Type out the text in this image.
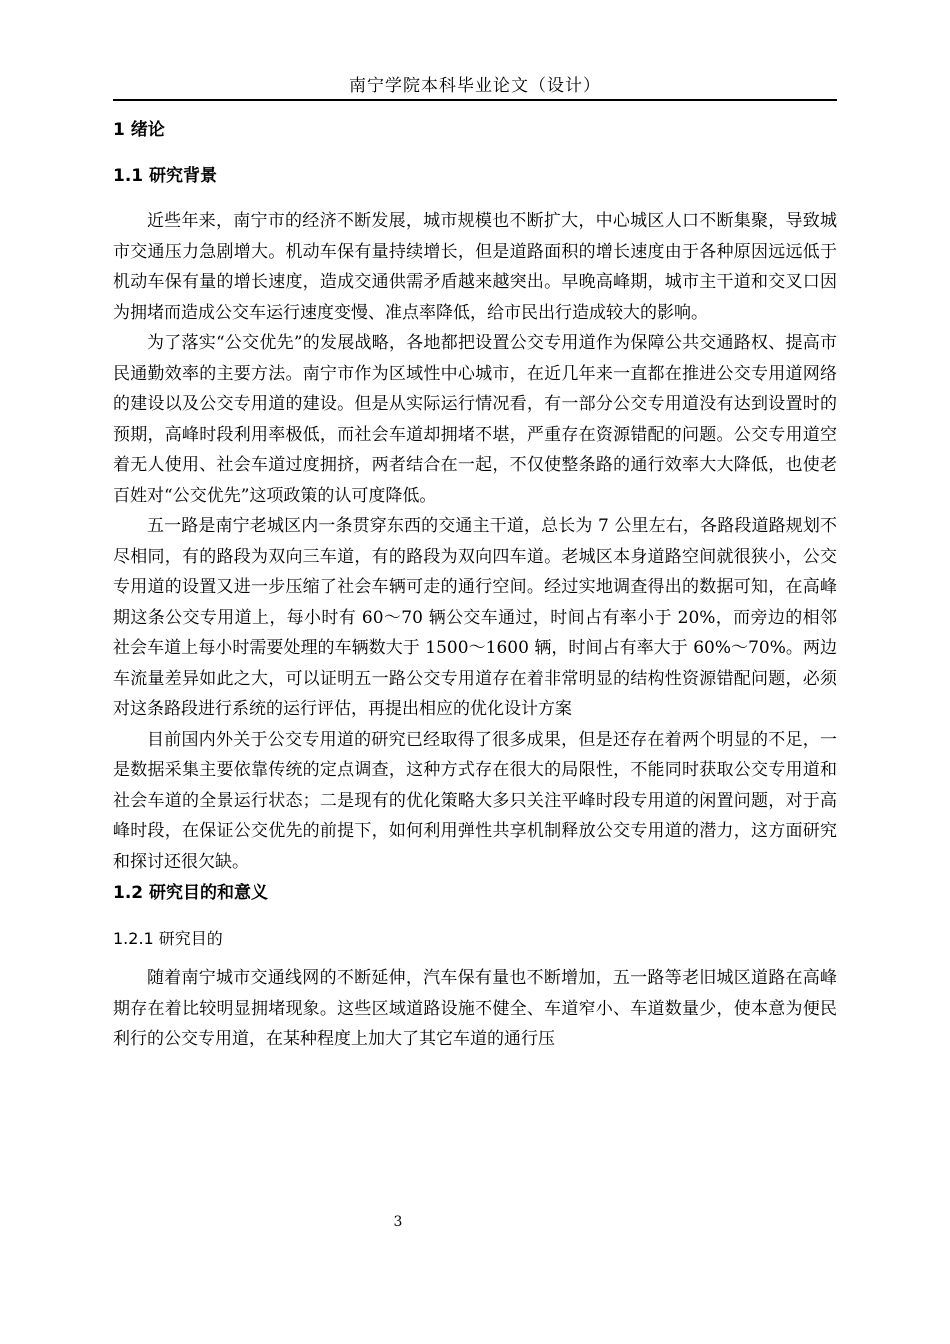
南宁学院本科毕业论文（设计）
1 绪论
1.1 研究背景

近些年来，南宁市的经济不断发展，城市规模也不断扩大，中心城区人口不断集聚，导致城市交通压力急剧增大。机动车保有量持续增长，但是道路面积的增长速度由于各种原因远远低于机动车保有量的增长速度，造成交通供需矛盾越来越突出。早晚高峰期，城市主干道和交叉口因为拥堵而造成公交车运行速度变慢、准点率降低，给市民出行造成较大的影响。

为了落实“公交优先”的发展战略，各地都把设置公交专用道作为保障公共交通路权、提高市民通勤效率的主要方法。南宁市作为区域性中心城市，在近几年来一直都在推进公交专用道网络的建设以及公交专用道的建设。但是从实际运行情况看，有一部分公交专用道没有达到设置时的预期，高峰时段利用率极低，而社会车道却拥堵不堪，严重存在资源错配的问题。公交专用道空着无人使用、社会车道过度拥挤，两者结合在一起，不仅使整条路的通行效率大大降低，也使老百姓对“公交优先”这项政策的认可度降低。

五一路是南宁老城区内一条贯穿东西的交通主干道，总长为 7 公里左右，各路段道路规划不尽相同，有的路段为双向三车道，有的路段为双向四车道。老城区本身道路空间就很狭小，公交专用道的设置又进一步压缩了社会车辆可走的通行空间。经过实地调查得出的数据可知，在高峰期这条公交专用道上，每小时有 60～70 辆公交车通过，时间占有率小于 20%，而旁边的相邻社会车道上每小时需要处理的车辆数大于 1500～1600 辆，时间占有率大于 60%～70%。两边车流量差异如此之大，可以证明五一路公交专用道存在着非常明显的结构性资源错配问题，必须对这条路段进行系统的运行评估，再提出相应的优化设计方案

目前国内外关于公交专用道的研究已经取得了很多成果，但是还存在着两个明显的不足，一是数据采集主要依靠传统的定点调查，这种方式存在很大的局限性，不能同时获取公交专用道和社会车道的全景运行状态；二是现有的优化策略大多只关注平峰时段专用道的闲置问题，对于高峰时段，在保证公交优先的前提下，如何利用弹性共享机制释放公交专用道的潜力，这方面研究和探讨还很欠缺。

1.2 研究目的和意义
1.2.1 研究目的

随着南宁城市交通线网的不断延伸，汽车保有量也不断增加，五一路等老旧城区道路在高峰期存在着比较明显拥堵现象。这些区域道路设施不健全、车道窄小、车道数量少，使本意为便民利行的公交专用道，在某种程度上加大了其它车道的通行压

3
